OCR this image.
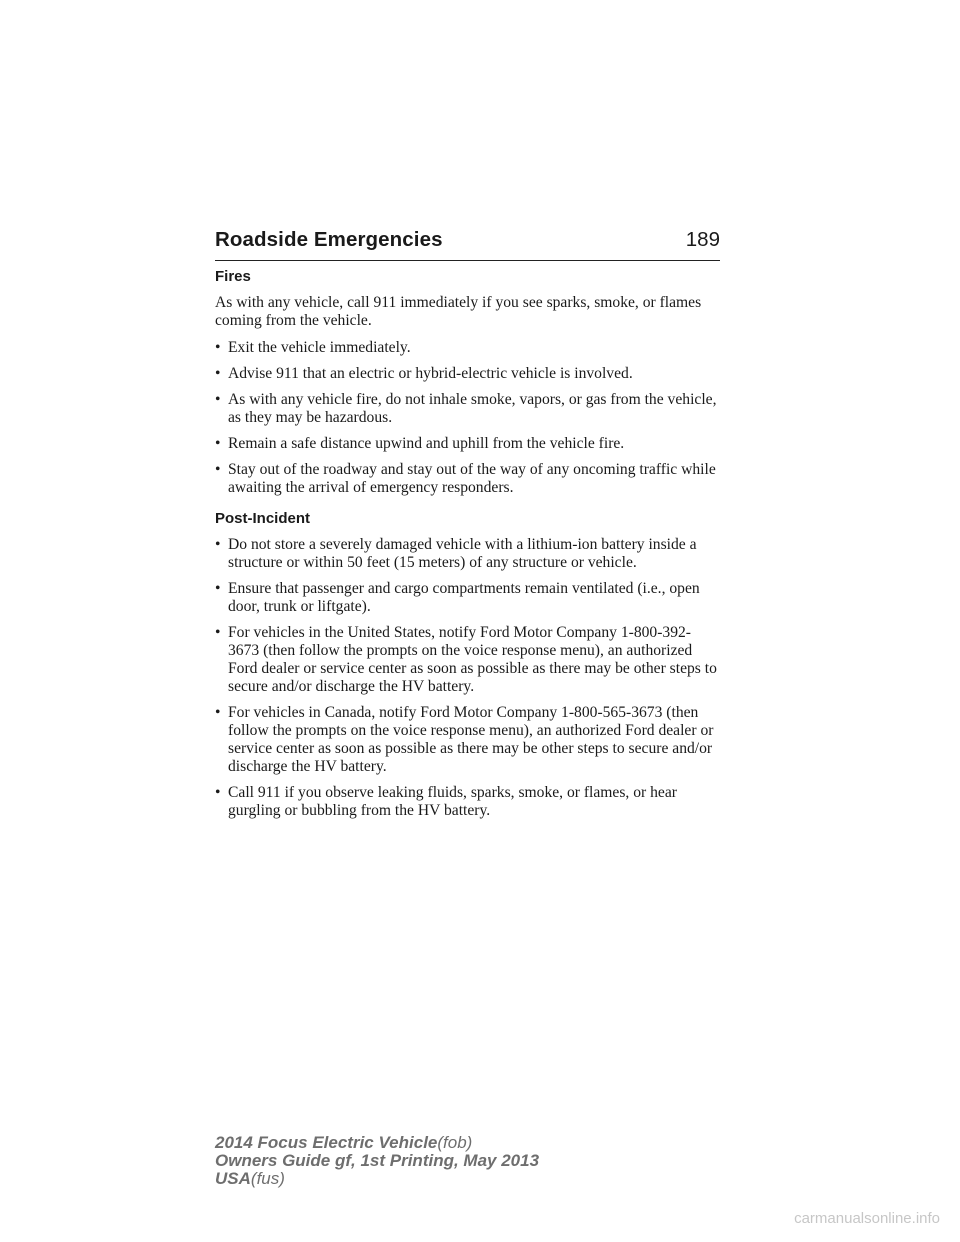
Roadside Emergencies	189
Fires

As with any vehicle, call 911 immediately if you see sparks, smoke, or flames coming from the vehicle.

• Exit the vehicle immediately.
• Advise 911 that an electric or hybrid-electric vehicle is involved.
• As with any vehicle fire, do not inhale smoke, vapors, or gas from the vehicle, as they may be hazardous.
• Remain a safe distance upwind and uphill from the vehicle fire.
• Stay out of the roadway and stay out of the way of any oncoming traffic while awaiting the arrival of emergency responders.
Post-Incident
• Do not store a severely damaged vehicle with a lithium-ion battery inside a structure or within 50 feet (15 meters) of any structure or vehicle.
• Ensure that passenger and cargo compartments remain ventilated (i.e., open door, trunk or liftgate).
• For vehicles in the United States, notify Ford Motor Company 1-800-392-3673 (then follow the prompts on the voice response menu), an authorized Ford dealer or service center as soon as possible as there may be other steps to secure and/or discharge the HV battery.
• For vehicles in Canada, notify Ford Motor Company 1-800-565-3673 (then follow the prompts on the voice response menu), an authorized Ford dealer or service center as soon as possible as there may be other steps to secure and/or discharge the HV battery.
• Call 911 if you observe leaking fluids, sparks, smoke, or flames, or hear gurgling or bubbling from the HV battery.
2014 Focus Electric Vehicle(fob)
Owners Guide gf, 1st Printing, May 2013
USA(fus)
carmanualsonline.info
